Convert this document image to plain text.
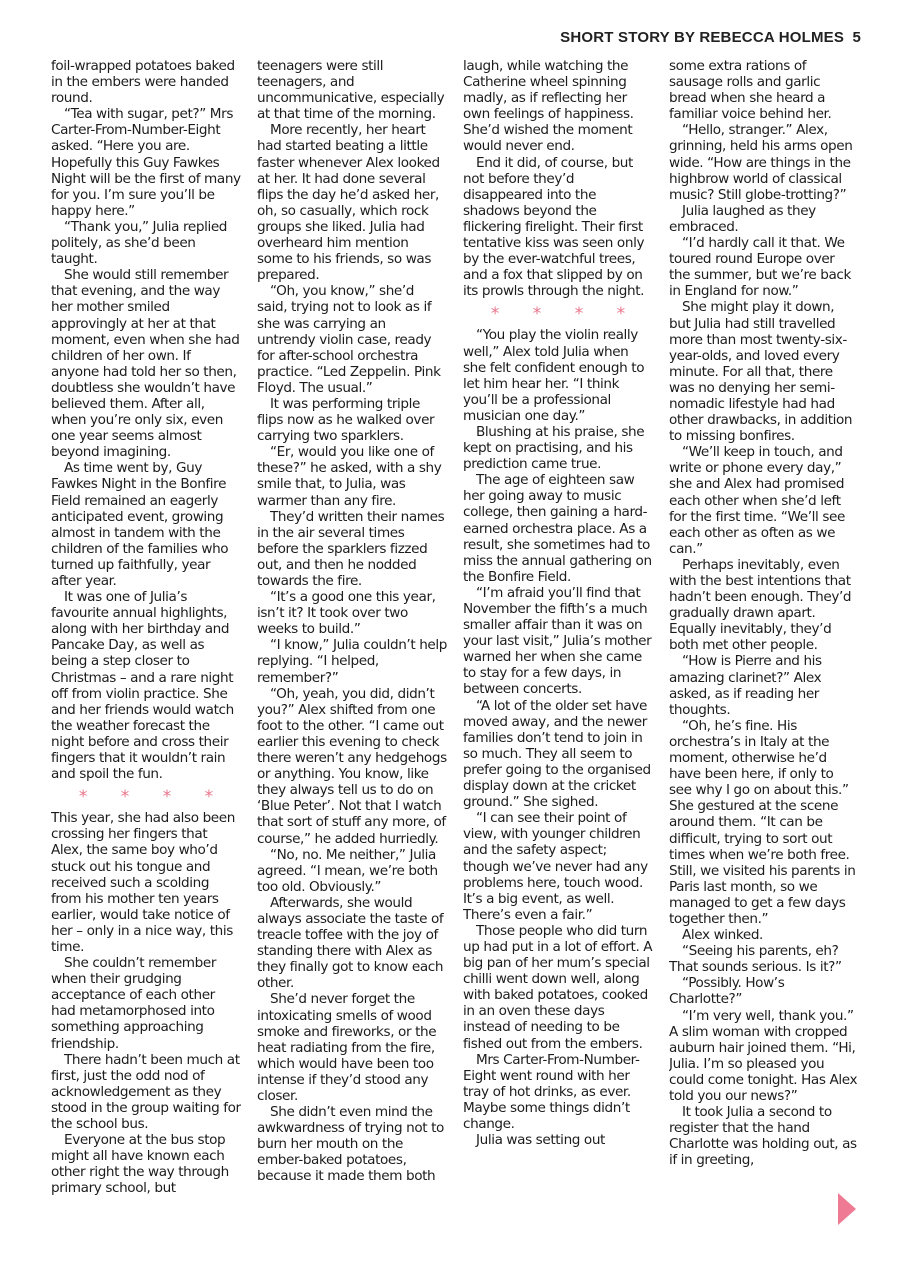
SHORT STORY BY REBECCA HOLMES 5

foil-wrapped potatoes baked in the embers were handed round.

“Tea with sugar, pet?” Mrs Carter-From-Number-Eight asked. “Here you are. Hopefully this Guy Fawkes Night will be the first of many for you. I’m sure you’ll be happy here.”

“Thank you,” Julia replied politely, as she’d been taught.

She would still remember that evening, and the way her mother smiled approvingly at her at that moment, even when she had children of her own. If anyone had told her so then, doubtless she wouldn’t have believed them. After all, when you’re only six, even one year seems almost beyond imagining.

As time went by, Guy Fawkes Night in the Bonfire Field remained an eagerly anticipated event, growing almost in tandem with the children of the families who turned up faithfully, year after year.

It was one of Julia’s favourite annual highlights, along with her birthday and Pancake Day, as well as being a step closer to Christmas – and a rare night off from violin practice. She and her friends would watch the weather forecast the night before and cross their fingers that it wouldn’t rain and spoil the fun.

* * * *

This year, she had also been crossing her fingers that Alex, the same boy who’d stuck out his tongue and received such a scolding from his mother ten years earlier, would take notice of her – only in a nice way, this time.

She couldn’t remember when their grudging acceptance of each other had metamorphosed into something approaching friendship.

There hadn’t been much at first, just the odd nod of acknowledgement as they stood in the group waiting for the school bus.

Everyone at the bus stop might all have known each other right the way through primary school, but

teenagers were still teenagers, and uncommunicative, especially at that time of the morning.

More recently, her heart had started beating a little faster whenever Alex looked at her. It had done several flips the day he’d asked her, oh, so casually, which rock groups she liked. Julia had overheard him mention some to his friends, so was prepared.

“Oh, you know,” she’d said, trying not to look as if she was carrying an untrendy violin case, ready for after-school orchestra practice. “Led Zeppelin. Pink Floyd. The usual.”

It was performing triple flips now as he walked over carrying two sparklers.

“Er, would you like one of these?” he asked, with a shy smile that, to Julia, was warmer than any fire.

They’d written their names in the air several times before the sparklers fizzed out, and then he nodded towards the fire.

“It’s a good one this year, isn’t it? It took over two weeks to build.”

“I know,” Julia couldn’t help replying. “I helped, remember?”

“Oh, yeah, you did, didn’t you?” Alex shifted from one foot to the other. “I came out earlier this evening to check there weren’t any hedgehogs or anything. You know, like they always tell us to do on ‘Blue Peter’. Not that I watch that sort of stuff any more, of course,” he added hurriedly.

“No, no. Me neither,” Julia agreed. “I mean, we’re both too old. Obviously.”

Afterwards, she would always associate the taste of treacle toffee with the joy of standing there with Alex as they finally got to know each other.

She’d never forget the intoxicating smells of wood smoke and fireworks, or the heat radiating from the fire, which would have been too intense if they’d stood any closer.

She didn’t even mind the awkwardness of trying not to burn her mouth on the ember-baked potatoes, because it made them both

laugh, while watching the Catherine wheel spinning madly, as if reflecting her own feelings of happiness. She’d wished the moment would never end.

End it did, of course, but not before they’d disappeared into the shadows beyond the flickering firelight. Their first tentative kiss was seen only by the ever-watchful trees, and a fox that slipped by on its prowls through the night.

* * * *

“You play the violin really well,” Alex told Julia when she felt confident enough to let him hear her. “I think you’ll be a professional musician one day.”

Blushing at his praise, she kept on practising, and his prediction came true.

The age of eighteen saw her going away to music college, then gaining a hard-earned orchestra place. As a result, she sometimes had to miss the annual gathering on the Bonfire Field.

“I’m afraid you’ll find that November the fifth’s a much smaller affair than it was on your last visit,” Julia’s mother warned her when she came to stay for a few days, in between concerts.

“A lot of the older set have moved away, and the newer families don’t tend to join in so much. They all seem to prefer going to the organised display down at the cricket ground.” She sighed.

“I can see their point of view, with younger children and the safety aspect; though we’ve never had any problems here, touch wood. It’s a big event, as well. There’s even a fair.”

Those people who did turn up had put in a lot of effort. A big pan of her mum’s special chilli went down well, along with baked potatoes, cooked in an oven these days instead of needing to be fished out from the embers.

Mrs Carter-From-Number-Eight went round with her tray of hot drinks, as ever. Maybe some things didn’t change.

Julia was setting out

some extra rations of sausage rolls and garlic bread when she heard a familiar voice behind her.

“Hello, stranger.” Alex, grinning, held his arms open wide. “How are things in the highbrow world of classical music? Still globe-trotting?”

Julia laughed as they embraced.

“I’d hardly call it that. We toured round Europe over the summer, but we’re back in England for now.”

She might play it down, but Julia had still travelled more than most twenty-six-year-olds, and loved every minute. For all that, there was no denying her semi-nomadic lifestyle had had other drawbacks, in addition to missing bonfires.

“We’ll keep in touch, and write or phone every day,” she and Alex had promised each other when she’d left for the first time. “We’ll see each other as often as we can.”

Perhaps inevitably, even with the best intentions that hadn’t been enough. They’d gradually drawn apart. Equally inevitably, they’d both met other people.

“How is Pierre and his amazing clarinet?” Alex asked, as if reading her thoughts.

“Oh, he’s fine. His orchestra’s in Italy at the moment, otherwise he’d have been here, if only to see why I go on about this.” She gestured at the scene around them. “It can be difficult, trying to sort out times when we’re both free. Still, we visited his parents in Paris last month, so we managed to get a few days together then.”

Alex winked.

“Seeing his parents, eh? That sounds serious. Is it?”

“Possibly. How’s Charlotte?”

“I’m very well, thank you.” A slim woman with cropped auburn hair joined them. “Hi, Julia. I’m so pleased you could come tonight. Has Alex told you our news?”

It took Julia a second to register that the hand Charlotte was holding out, as if in greeting,
